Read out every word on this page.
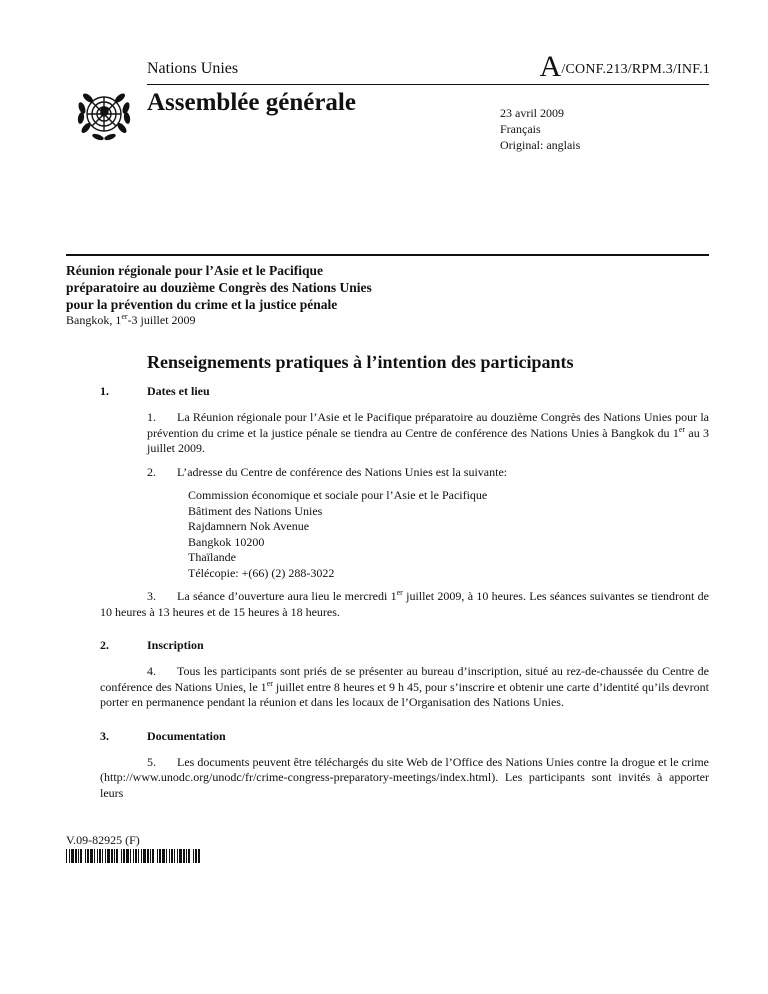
Nations Unies	A/CONF.213/RPM.3/INF.1
Assemblée générale	23 avril 2009
Français
Original: anglais
Réunion régionale pour l’Asie et le Pacifique
préparatoire au douzième Congrès des Nations Unies
pour la prévention du crime et la justice pénale
Bangkok, 1er-3 juillet 2009
Renseignements pratiques à l’intention des participants
1.	Dates et lieu
1. La Réunion régionale pour l’Asie et le Pacifique préparatoire au douzième Congrès des Nations Unies pour la prévention du crime et la justice pénale se tiendra au Centre de conférence des Nations Unies à Bangkok du 1er au 3 juillet 2009.
2. L’adresse du Centre de conférence des Nations Unies est la suivante:
Commission économique et sociale pour l’Asie et le Pacifique
Bâtiment des Nations Unies
Rajdamnern Nok Avenue
Bangkok 10200
Thaïlande
Télécopie: +(66) (2) 288-3022
3. La séance d’ouverture aura lieu le mercredi 1er juillet 2009, à 10 heures. Les séances suivantes se tiendront de 10 heures à 13 heures et de 15 heures à 18 heures.
2.	Inscription
4. Tous les participants sont priés de se présenter au bureau d’inscription, situé au rez-de-chaussée du Centre de conférence des Nations Unies, le 1er juillet entre 8 heures et 9 h 45, pour s’inscrire et obtenir une carte d’identité qu’ils devront porter en permanence pendant la réunion et dans les locaux de l’Organisation des Nations Unies.
3.	Documentation
5. Les documents peuvent être téléchargés du site Web de l’Office des Nations Unies contre la drogue et le crime (http://www.unodc.org/unodc/fr/crime-congress-preparatory-meetings/index.html). Les participants sont invités à apporter leurs
V.09-82925 (F)
